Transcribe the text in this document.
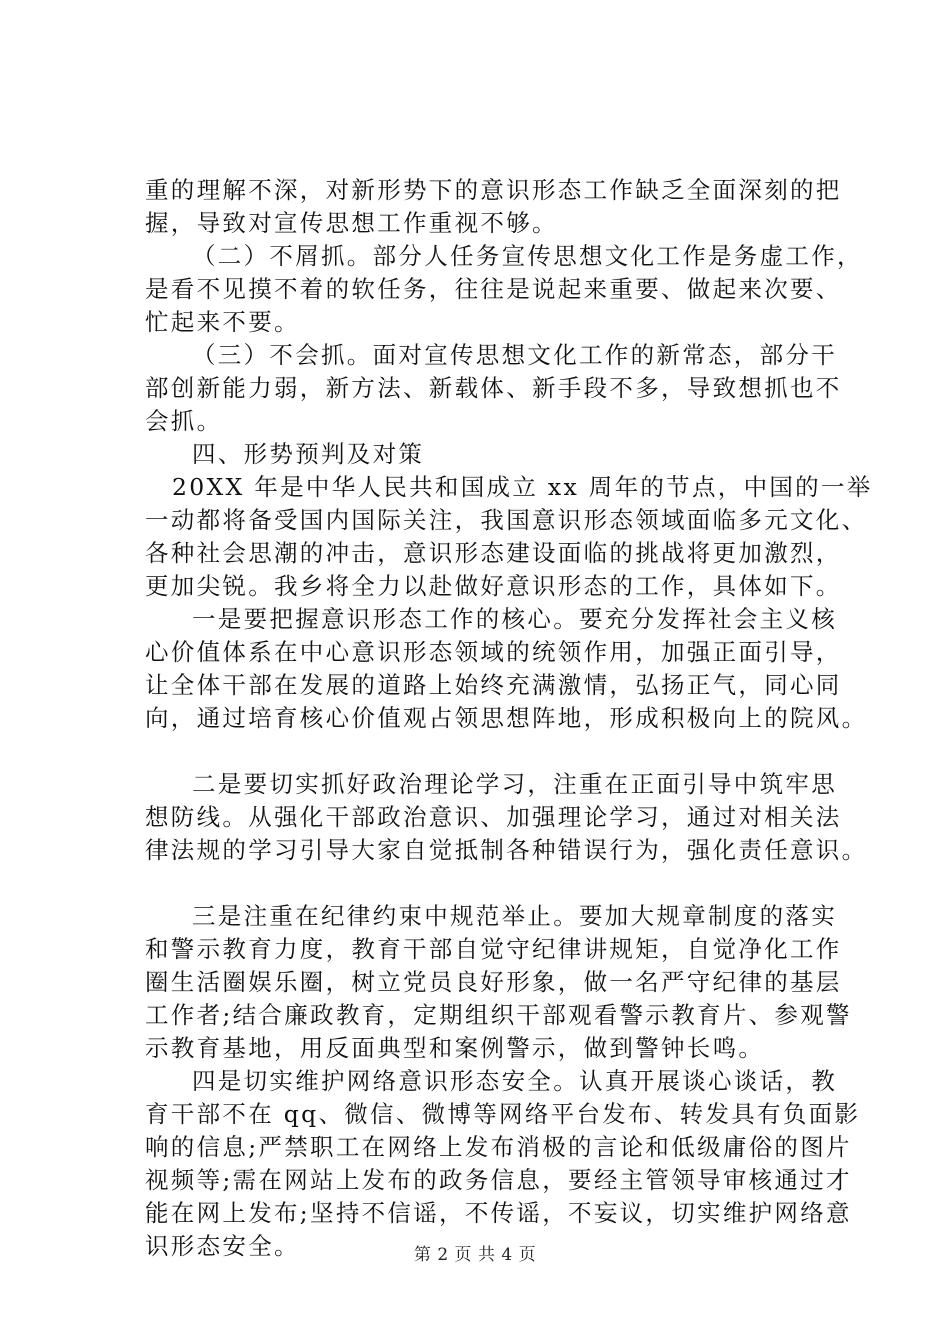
重的理解不深，对新形势下的意识形态工作缺乏全面深刻的把
握，导致对宣传思想工作重视不够。
（二）不屑抓。部分人任务宣传思想文化工作是务虚工作，
是看不见摸不着的软任务，往往是说起来重要、做起来次要、
忙起来不要。
（三）不会抓。面对宣传思想文化工作的新常态，部分干
部创新能力弱，新方法、新载体、新手段不多，导致想抓也不
会抓。
四、形势预判及对策
20XX 年是中华人民共和国成立 xx 周年的节点，中国的一举
一动都将备受国内国际关注，我国意识形态领域面临多元文化、
各种社会思潮的冲击，意识形态建设面临的挑战将更加激烈，
更加尖锐。我乡将全力以赴做好意识形态的工作，具体如下。
一是要把握意识形态工作的核心。要充分发挥社会主义核
心价值体系在中心意识形态领域的统领作用，加强正面引导，
让全体干部在发展的道路上始终充满激情，弘扬正气，同心同
向，通过培育核心价值观占领思想阵地，形成积极向上的院风。
二是要切实抓好政治理论学习，注重在正面引导中筑牢思
想防线。从强化干部政治意识、加强理论学习，通过对相关法
律法规的学习引导大家自觉抵制各种错误行为，强化责任意识。
三是注重在纪律约束中规范举止。要加大规章制度的落实
和警示教育力度，教育干部自觉守纪律讲规矩，自觉净化工作
圈生活圈娱乐圈，树立党员良好形象，做一名严守纪律的基层
工作者;结合廉政教育，定期组织干部观看警示教育片、参观警
示教育基地，用反面典型和案例警示，做到警钟长鸣。
四是切实维护网络意识形态安全。认真开展谈心谈话，教
育干部不在 qq、微信、微博等网络平台发布、转发具有负面影
响的信息;严禁职工在网络上发布消极的言论和低级庸俗的图片
视频等;需在网站上发布的政务信息，要经主管领导审核通过才
能在网上发布;坚持不信谣，不传谣，不妄议，切实维护网络意
识形态安全。	第 2 页 共 4 页
